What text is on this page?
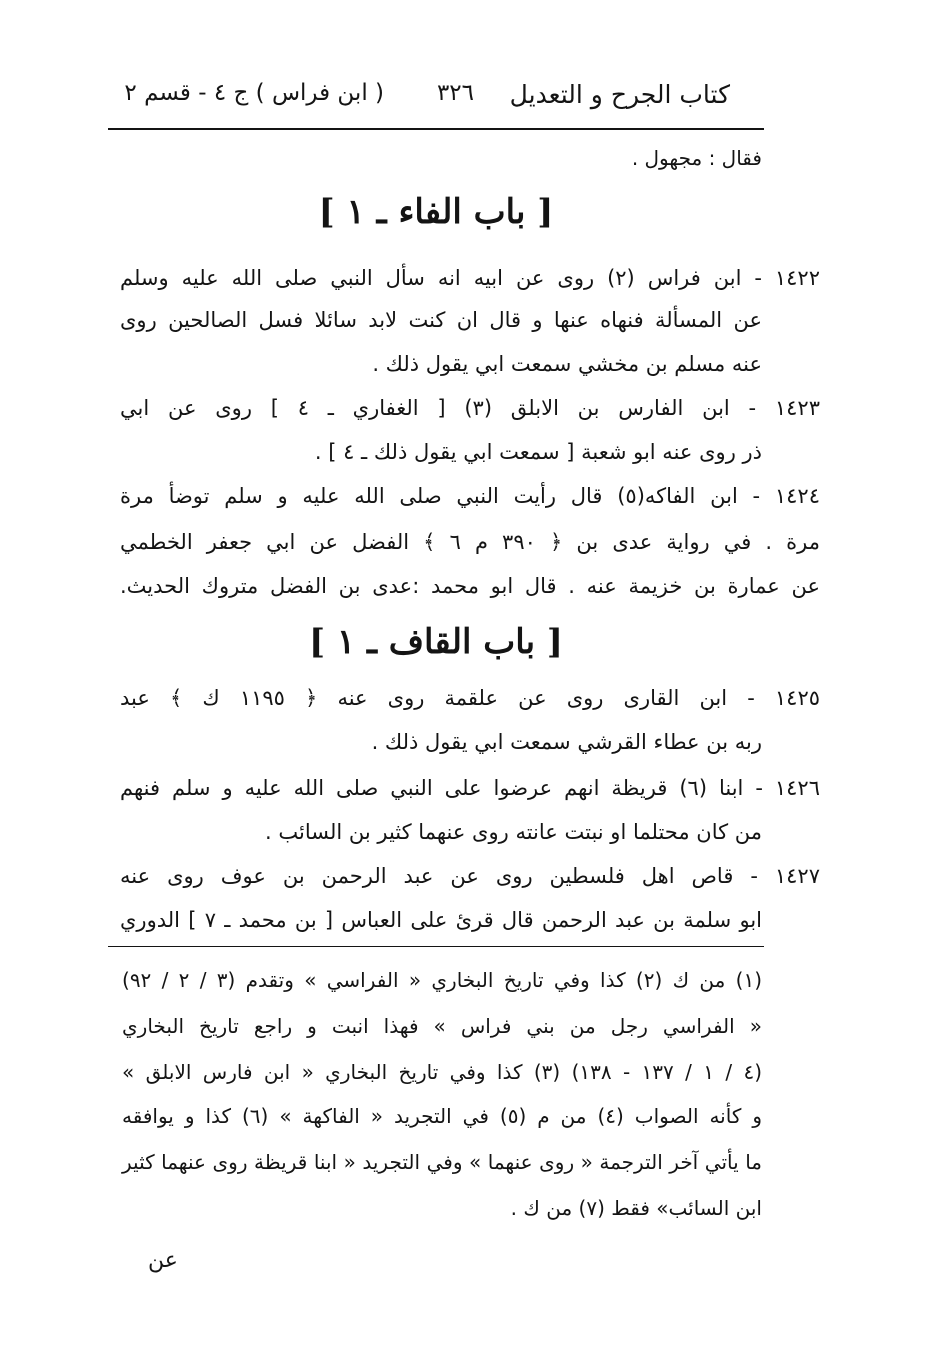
كتاب الجرح و التعديل
٣٢٦
( ابن فراس ) ج ٤ - قسم ٢
فقال : مجهول .
[ باب الفاء ـ ١ ]
١٤٢٢ - ابن فراس (٢) روى عن ابيه انه سأل النبي صلى الله عليه وسلم
عن المسألة فنهاه عنها و قال ان كنت لابد سائلا فسل الصالحين روى
عنه مسلم بن مخشي سمعت ابي يقول ذلك .
١٤٢٣ - ابن الفارس بن الابلق (٣) [ الغفاري ـ ٤ ] روى عن ابي
ذر روى عنه ابو شعبة [ سمعت ابي يقول ذلك ـ ٤ ] .
١٤٢٤ - ابن الفاكه(٥) قال رأيت النبي صلى الله عليه و سلم توضأ مرة
مرة . في رواية عدى بن ﴿ ٣٩٠ م ٦ ﴾ الفضل عن ابي جعفر الخطمي
عن عمارة بن خزيمة عنه . قال ابو محمد :عدى بن الفضل متروك الحديث.
[ باب القاف ـ ١ ]
١٤٢٥ - ابن القارى روى عن علقمة روى عنه ﴿ ١١٩٥ ك ﴾ عبد
ربه بن عطاء القرشي سمعت ابي يقول ذلك .
١٤٢٦ - ابنا (٦) قريظة انهم عرضوا على النبي صلى الله عليه و سلم فنهم
من كان محتلما او نبتت عانته روى عنهما كثير بن السائب .
١٤٢٧ - قاص اهل فلسطين روى عن عبد الرحمن بن عوف روى عنه
ابو سلمة بن عبد الرحمن قال قرئ على العباس [ بن محمد ـ ٧ ] الدوري
(١) من ك (٢) كذا وفي تاريخ البخاري « الفراسي » وتقدم (٣ / ٢ / ٩٢)
« الفراسي رجل من بني فراس » فهذا انبت و راجع تاريخ البخاري
(٤ / ١ / ١٣٧ - ١٣٨) (٣) كذا وفي تاريخ البخاري « ابن فارس الابلق »
و كأنه الصواب (٤) من م (٥) في التجريد « الفاكهة » (٦) كذا و يوافقه
ما يأتي آخر الترجمة « روى عنهما » وفي التجريد « ابنا قريظة روى عنهما كثير
ابن السائب» فقط (٧) من ك .
عن
